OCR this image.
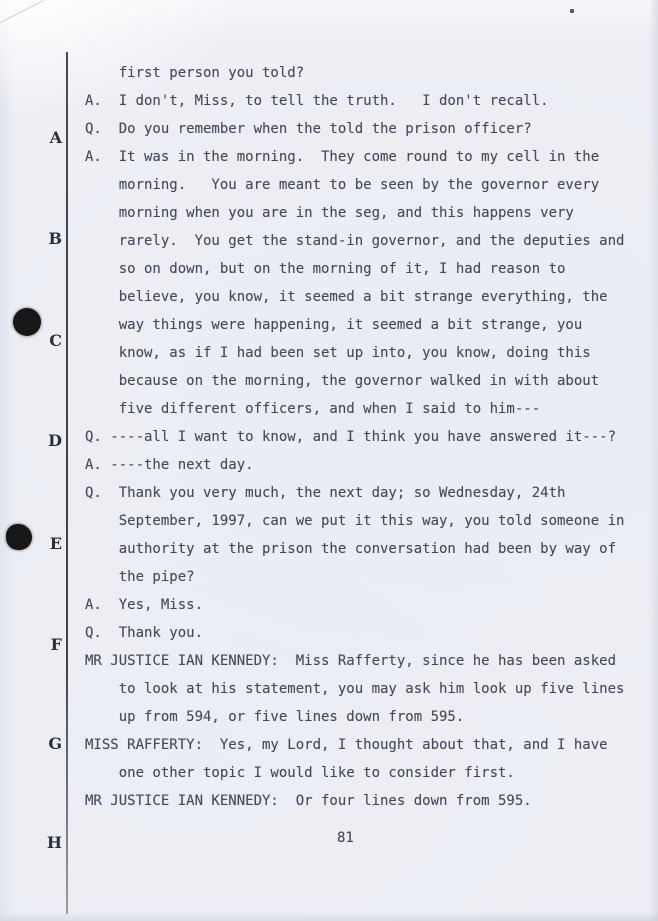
A
B
C
D
E
F
G
H
first person you told?
A.  I don't, Miss, to tell the truth.   I don't recall.
Q.  Do you remember when the told the prison officer?
A.  It was in the morning.  They come round to my cell in the
morning.   You are meant to be seen by the governor every
morning when you are in the seg, and this happens very
rarely.  You get the stand-in governor, and the deputies and
so on down, but on the morning of it, I had reason to
believe, you know, it seemed a bit strange everything, the
way things were happening, it seemed a bit strange, you
know, as if I had been set up into, you know, doing this
because on the morning, the governor walked in with about
five different officers, and when I said to him---
Q. ----all I want to know, and I think you have answered it---?
A. ----the next day.
Q.  Thank you very much, the next day; so Wednesday, 24th
September, 1997, can we put it this way, you told someone in
authority at the prison the conversation had been by way of
the pipe?
A.  Yes, Miss.
Q.  Thank you.
MR JUSTICE IAN KENNEDY:  Miss Rafferty, since he has been asked
to look at his statement, you may ask him look up five lines
up from 594, or five lines down from 595.
MISS RAFFERTY:  Yes, my Lord, I thought about that, and I have
one other topic I would like to consider first.
MR JUSTICE IAN KENNEDY:  Or four lines down from 595.
81
